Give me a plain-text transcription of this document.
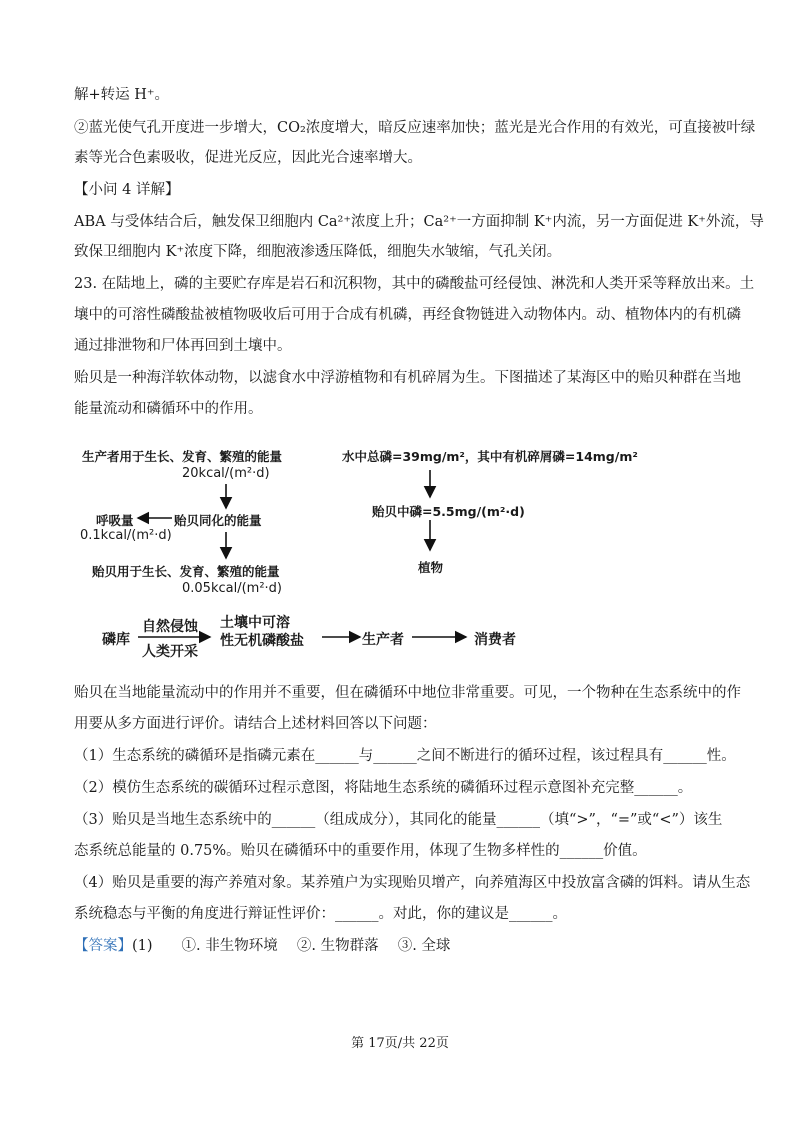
解+转运 H⁺。
②蓝光使气孔开度进一步增大，CO₂浓度增大，暗反应速率加快；蓝光是光合作用的有效光，可直接被叶绿
素等光合色素吸收，促进光反应，因此光合速率增大。
【小问 4 详解】
ABA 与受体结合后，触发保卫细胞内 Ca²⁺浓度上升；Ca²⁺一方面抑制 K⁺内流，另一方面促进 K⁺外流，导
致保卫细胞内 K⁺浓度下降，细胞液渗透压降低，细胞失水皱缩，气孔关闭。
23. 在陆地上，磷的主要贮存库是岩石和沉积物，其中的磷酸盐可经侵蚀、淋洗和人类开采等释放出来。土
壤中的可溶性磷酸盐被植物吸收后可用于合成有机磷，再经食物链进入动物体内。动、植物体内的有机磷
通过排泄物和尸体再回到土壤中。
贻贝是一种海洋软体动物，以滤食水中浮游植物和有机碎屑为生。下图描述了某海区中的贻贝种群在当地
能量流动和磷循环中的作用。
生产者用于生长、发育、繁殖的能量
20kcal/(m²·d)
贻贝同化的能量
呼吸量
0.1kcal/(m²·d)
贻贝用于生长、发育、繁殖的能量
0.05kcal/(m²·d)
水中总磷=39mg/m²，其中有机碎屑磷=14mg/m²
贻贝中磷=5.5mg/(m²·d)
植物
磷库
自然侵蚀
人类开采
土壤中可溶
性无机磷酸盐	生产者	消费者
贻贝在当地能量流动中的作用并不重要，但在磷循环中地位非常重要。可见，一个物种在生态系统中的作
用要从多方面进行评价。请结合上述材料回答以下问题：
（1）生态系统的磷循环是指磷元素在______与______之间不断进行的循环过程，该过程具有______性。
（2）模仿生态系统的碳循环过程示意图，将陆地生态系统的磷循环过程示意图补充完整______。
（3）贻贝是当地生态系统中的______（组成成分），其同化的能量______（填“>”，“=”或“<”）该生
态系统总能量的 0.75%。贻贝在磷循环中的重要作用，体现了生物多样性的______价值。
（4）贻贝是重要的海产养殖对象。某养殖户为实现贻贝增产，向养殖海区中投放富含磷的饵料。请从生态
系统稳态与平衡的角度进行辩证性评价：______。对此，你的建议是______。
【答案】(1)　　①. 非生物环境　 ②. 生物群落　 ③. 全球
第 17页/共 22页
